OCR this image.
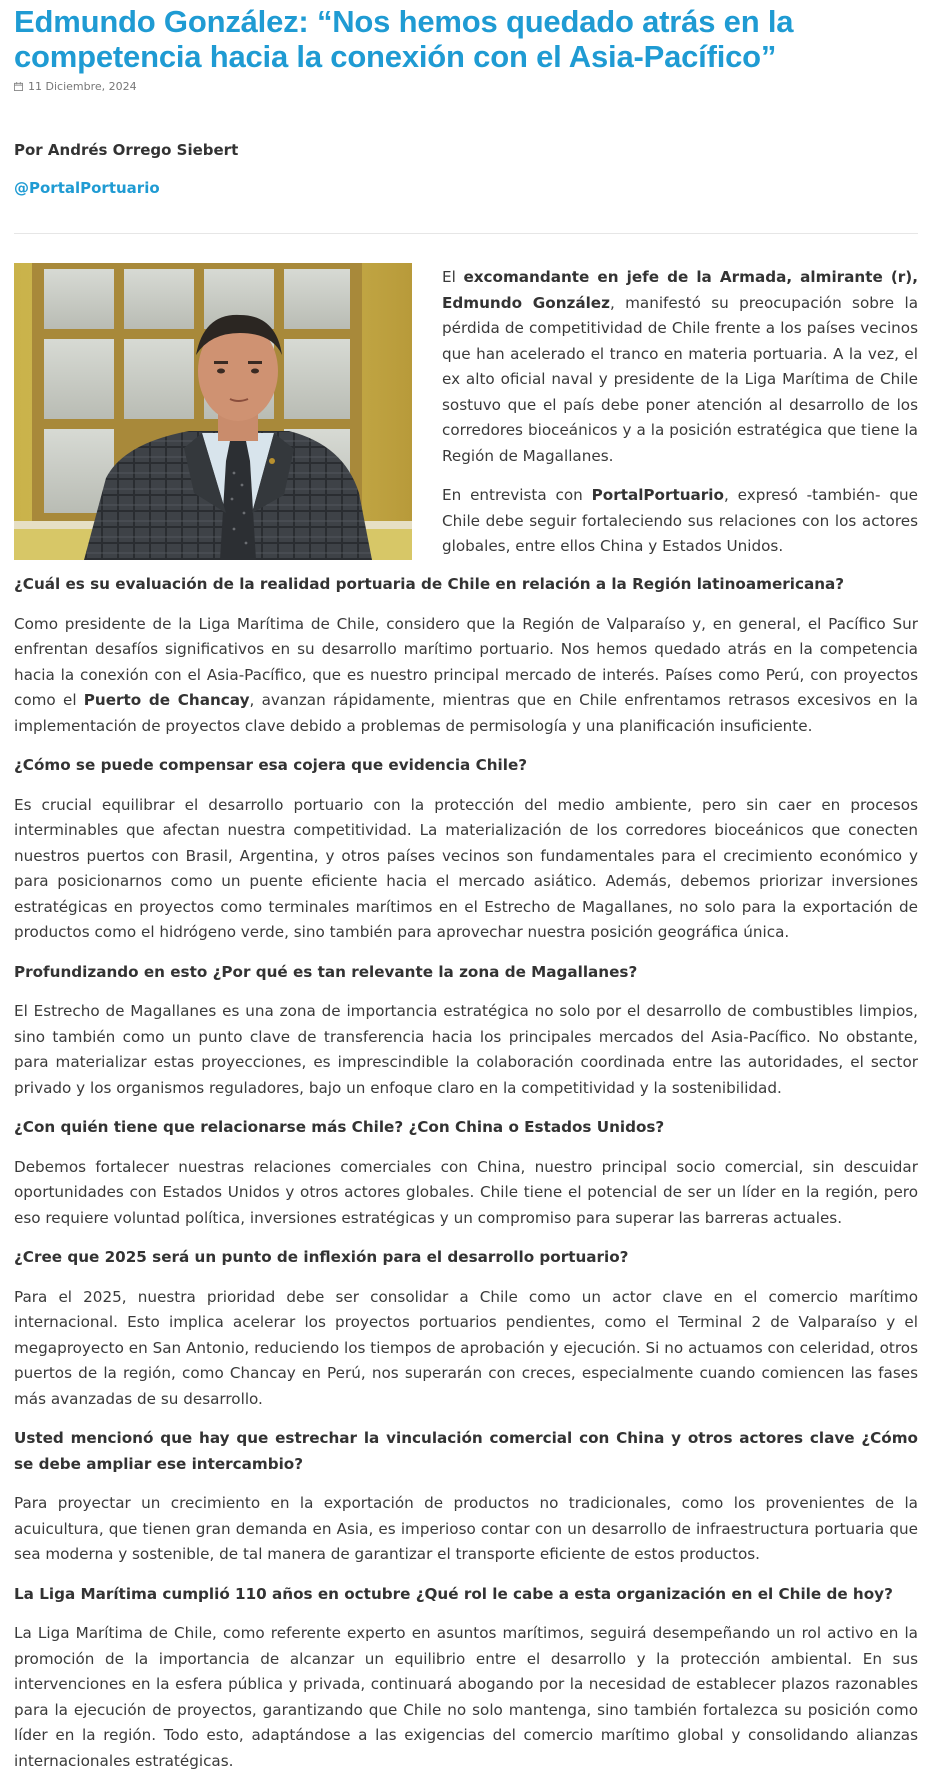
Edmundo González: “Nos hemos quedado atrás en la competencia hacia la conexión con el Asia-Pacífico”
11 Diciembre, 2024
Por Andrés Orrego Siebert
@PortalPortuario

El excomandante en jefe de la Armada, almirante (r), Edmundo González, manifestó su preocupación sobre la pérdida de competitividad de Chile frente a los países vecinos que han acelerado el tranco en materia portuaria. A la vez, el ex alto oficial naval y presidente de la Liga Marítima de Chile sostuvo que el país debe poner atención al desarrollo de los corredores bioceánicos y a la posición estratégica que tiene la Región de Magallanes.

En entrevista con PortalPortuario, expresó -también- que Chile debe seguir fortaleciendo sus relaciones con los actores globales, entre ellos China y Estados Unidos.

¿Cuál es su evaluación de la realidad portuaria de Chile en relación a la Región latinoamericana?

Como presidente de la Liga Marítima de Chile, considero que la Región de Valparaíso y, en general, el Pacífico Sur enfrentan desafíos significativos en su desarrollo marítimo portuario. Nos hemos quedado atrás en la competencia hacia la conexión con el Asia-Pacífico, que es nuestro principal mercado de interés. Países como Perú, con proyectos como el Puerto de Chancay, avanzan rápidamente, mientras que en Chile enfrentamos retrasos excesivos en la implementación de proyectos clave debido a problemas de permisología y una planificación insuficiente.

¿Cómo se puede compensar esa cojera que evidencia Chile?

Es crucial equilibrar el desarrollo portuario con la protección del medio ambiente, pero sin caer en procesos interminables que afectan nuestra competitividad. La materialización de los corredores bioceánicos que conecten nuestros puertos con Brasil, Argentina, y otros países vecinos son fundamentales para el crecimiento económico y para posicionarnos como un puente eficiente hacia el mercado asiático. Además, debemos priorizar inversiones estratégicas en proyectos como terminales marítimos en el Estrecho de Magallanes, no solo para la exportación de productos como el hidrógeno verde, sino también para aprovechar nuestra posición geográfica única.

Profundizando en esto ¿Por qué es tan relevante la zona de Magallanes?

El Estrecho de Magallanes es una zona de importancia estratégica no solo por el desarrollo de combustibles limpios, sino también como un punto clave de transferencia hacia los principales mercados del Asia-Pacífico. No obstante, para materializar estas proyecciones, es imprescindible la colaboración coordinada entre las autoridades, el sector privado y los organismos reguladores, bajo un enfoque claro en la competitividad y la sostenibilidad.

¿Con quién tiene que relacionarse más Chile? ¿Con China o Estados Unidos?

Debemos fortalecer nuestras relaciones comerciales con China, nuestro principal socio comercial, sin descuidar oportunidades con Estados Unidos y otros actores globales. Chile tiene el potencial de ser un líder en la región, pero eso requiere voluntad política, inversiones estratégicas y un compromiso para superar las barreras actuales.

¿Cree que 2025 será un punto de inflexión para el desarrollo portuario?

Para el 2025, nuestra prioridad debe ser consolidar a Chile como un actor clave en el comercio marítimo internacional. Esto implica acelerar los proyectos portuarios pendientes, como el Terminal 2 de Valparaíso y el megaproyecto en San Antonio, reduciendo los tiempos de aprobación y ejecución. Si no actuamos con celeridad, otros puertos de la región, como Chancay en Perú, nos superarán con creces, especialmente cuando comiencen las fases más avanzadas de su desarrollo.

Usted mencionó que hay que estrechar la vinculación comercial con China y otros actores clave ¿Cómo se debe ampliar ese intercambio?

Para proyectar un crecimiento en la exportación de productos no tradicionales, como los provenientes de la acuicultura, que tienen gran demanda en Asia, es imperioso contar con un desarrollo de infraestructura portuaria que sea moderna y sostenible, de tal manera de garantizar el transporte eficiente de estos productos.

La Liga Marítima cumplió 110 años en octubre ¿Qué rol le cabe a esta organización en el Chile de hoy?

La Liga Marítima de Chile, como referente experto en asuntos marítimos, seguirá desempeñando un rol activo en la promoción de la importancia de alcanzar un equilibrio entre el desarrollo y la protección ambiental. En sus intervenciones en la esfera pública y privada, continuará abogando por la necesidad de establecer plazos razonables para la ejecución de proyectos, garantizando que Chile no solo mantenga, sino también fortalezca su posición como líder en la región. Todo esto, adaptándose a las exigencias del comercio marítimo global y consolidando alianzas internacionales estratégicas.
